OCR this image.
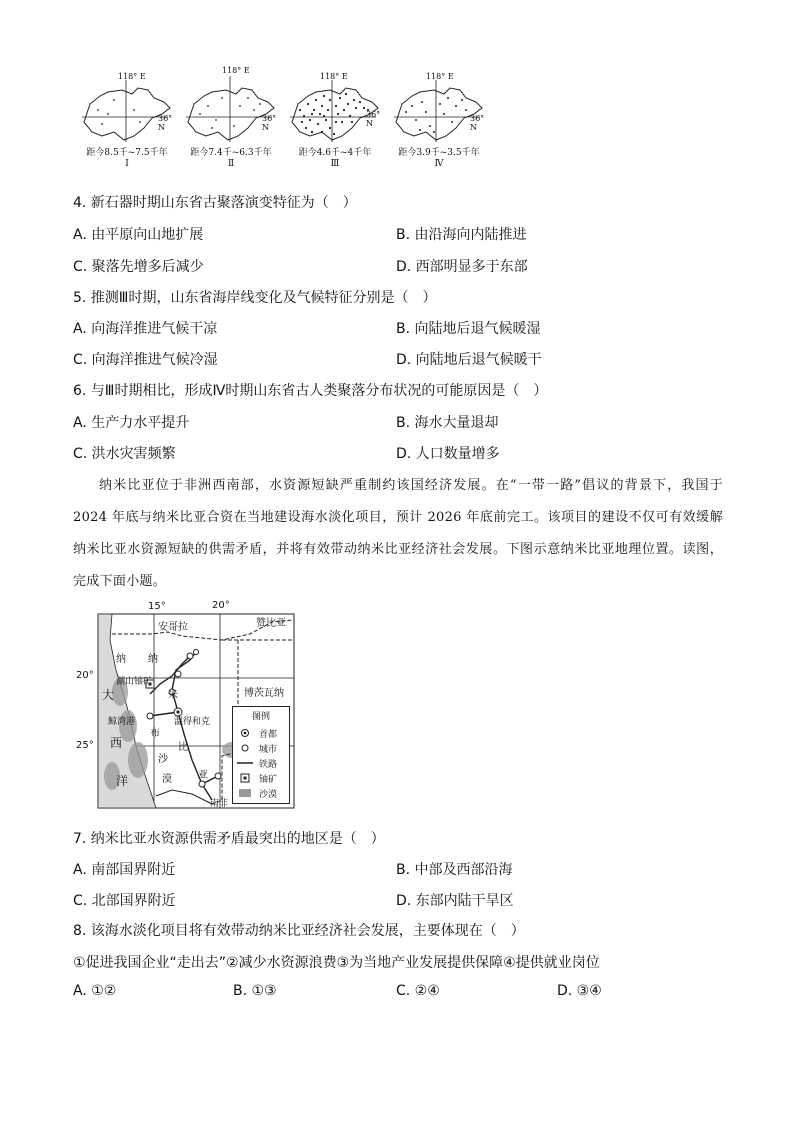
118° E
36° N
距今8.5千~7.5千年
Ⅰ
118° E
36° N
距今7.4千~6.3千年
Ⅱ
118° E
36° N
距今4.6千~4千年
Ⅲ
118° E
36° N
距今3.9千~3.5千年
Ⅳ
4. 新石器时期山东省古聚落演变特征为（　）
A. 由平原向山地扩展	B. 由沿海向内陆推进
C. 聚落先增多后减少	D. 西部明显多于东部
5. 推测Ⅲ时期，山东省海岸线变化及气候特征分别是（　）
A. 向海洋推进气候干凉	B. 向陆地后退气候暖湿
C. 向海洋推进气候冷湿	D. 向陆地后退气候暖干
6. 与Ⅲ时期相比，形成Ⅳ时期山东省古人类聚落分布状况的可能原因是（　）
A. 生产力水平提升	B. 海水大量退却
C. 洪水灾害频繁	D. 人口数量增多
纳米比亚位于非洲西南部，水资源短缺严重制约该国经济发展。在“一带一路”倡议的背景下，我国于 2024 年底与纳米比亚合资在当地建设海水淡化项目，预计 2026 年底前完工。该项目的建设不仅可有效缓解纳米比亚水资源短缺的供需矛盾，并将有效带动纳米比亚经济社会发展。下图示意纳米比亚地理位置。读图，完成下面小题。
15°	20°
20°
25°
安哥拉	赞比亚
博茨瓦纳
纳 纳
米
比
亚
大
西
洋
湖山铀矿
鲸湾港	温得和克
布
沙
漠
南非
图例
首都
城市
铁路
铀矿
沙漠
7. 纳米比亚水资源供需矛盾最突出的地区是（　）
A. 南部国界附近	B. 中部及西部沿海
C. 北部国界附近	D. 东部内陆干旱区
8. 该海水淡化项目将有效带动纳米比亚经济社会发展，主要体现在（　）
①促进我国企业“走出去”②减少水资源浪费③为当地产业发展提供保障④提供就业岗位
A. ①②	B. ①③	C. ②④	D. ③④
